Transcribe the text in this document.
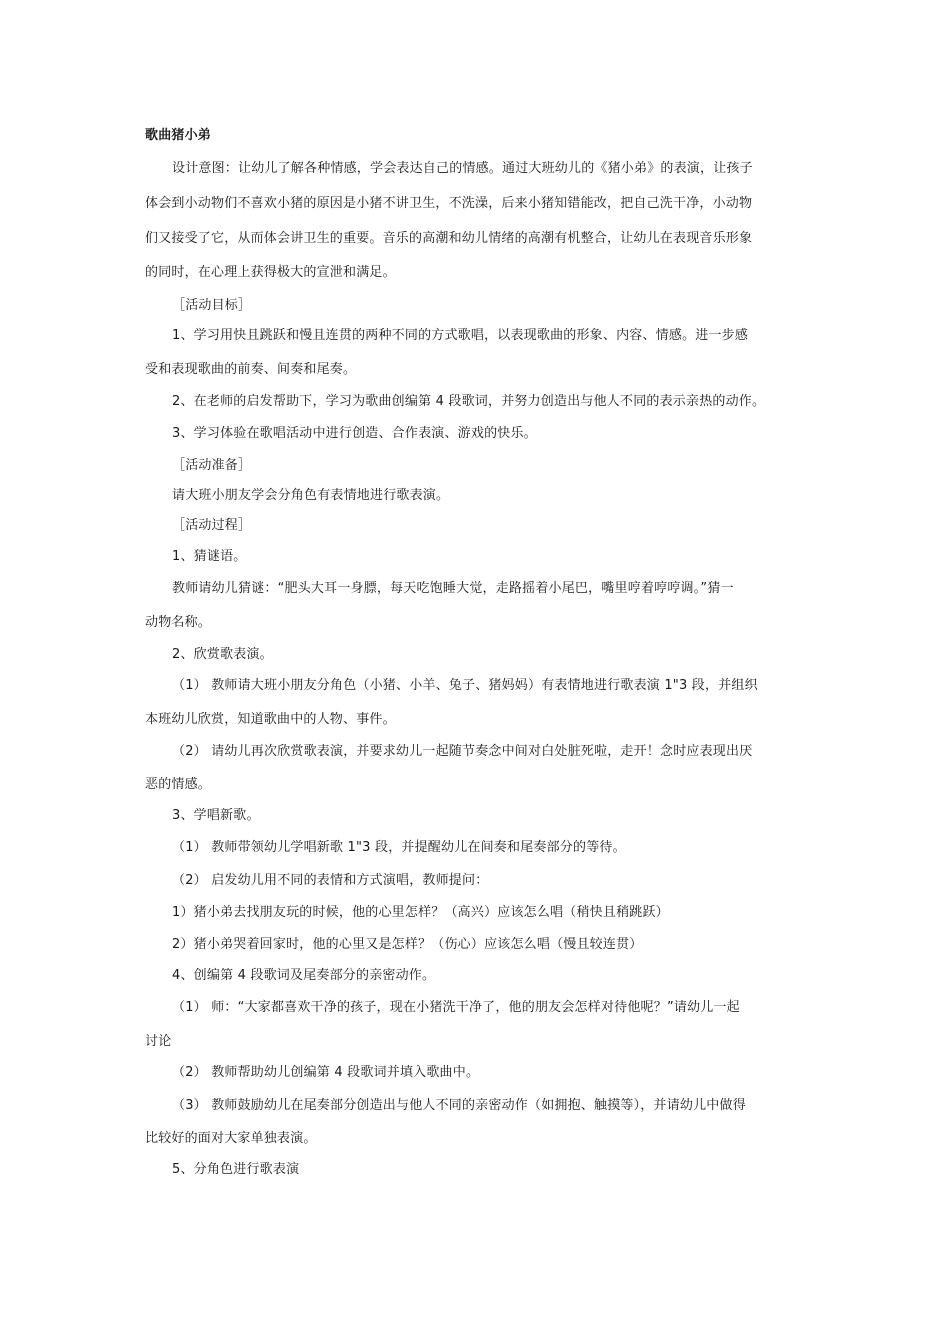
歌曲猪小弟
设计意图：让幼儿了解各种情感，学会表达自己的情感。通过大班幼儿的《猪小弟》的表演，让孩子
体会到小动物们不喜欢小猪的原因是小猪不讲卫生，不洗澡，后来小猪知错能改，把自己洗干净，小动物
们又接受了它，从而体会讲卫生的重要。音乐的高潮和幼儿情绪的高潮有机整合，让幼儿在表现音乐形象
的同时，在心理上获得极大的宣泄和满足。
［活动目标］
1、学习用快且跳跃和慢且连贯的两种不同的方式歌唱，以表现歌曲的形象、内容、情感。进一步感
受和表现歌曲的前奏、间奏和尾奏。
2、在老师的启发帮助下，学习为歌曲创编第 4 段歌词，并努力创造出与他人不同的表示亲热的动作。
3、学习体验在歌唱活动中进行创造、合作表演、游戏的快乐。
［活动准备］
请大班小朋友学会分角色有表情地进行歌表演。
［活动过程］
1、猜谜语。
教师请幼儿猜谜：“肥头大耳一身膘，每天吃饱睡大觉，走路摇着小尾巴，嘴里哼着哼哼调。”猜一
动物名称。
2、欣赏歌表演。
（1） 教师请大班小朋友分角色（小猪、小羊、兔子、猪妈妈）有表情地进行歌表演 1"3 段，并组织
本班幼儿欣赏，知道歌曲中的人物、事件。
（2） 请幼儿再次欣赏歌表演，并要求幼儿一起随节奏念中间对白处脏死啦，走开！念时应表现出厌
恶的情感。
3、学唱新歌。
（1） 教师带领幼儿学唱新歌 1"3 段，并提醒幼儿在间奏和尾奏部分的等待。
（2） 启发幼儿用不同的表情和方式演唱，教师提问：
1）猪小弟去找朋友玩的时候，他的心里怎样？（高兴）应该怎么唱（稍快且稍跳跃）
2）猪小弟哭着回家时，他的心里又是怎样？（伤心）应该怎么唱（慢且较连贯）
4、创编第 4 段歌词及尾奏部分的亲密动作。
（1） 师：“大家都喜欢干净的孩子，现在小猪洗干净了，他的朋友会怎样对待他呢？”请幼儿一起
讨论
（2） 教师帮助幼儿创编第 4 段歌词并填入歌曲中。
（3） 教师鼓励幼儿在尾奏部分创造出与他人不同的亲密动作（如拥抱、触摸等），并请幼儿中做得
比较好的面对大家单独表演。
5、分角色进行歌表演
